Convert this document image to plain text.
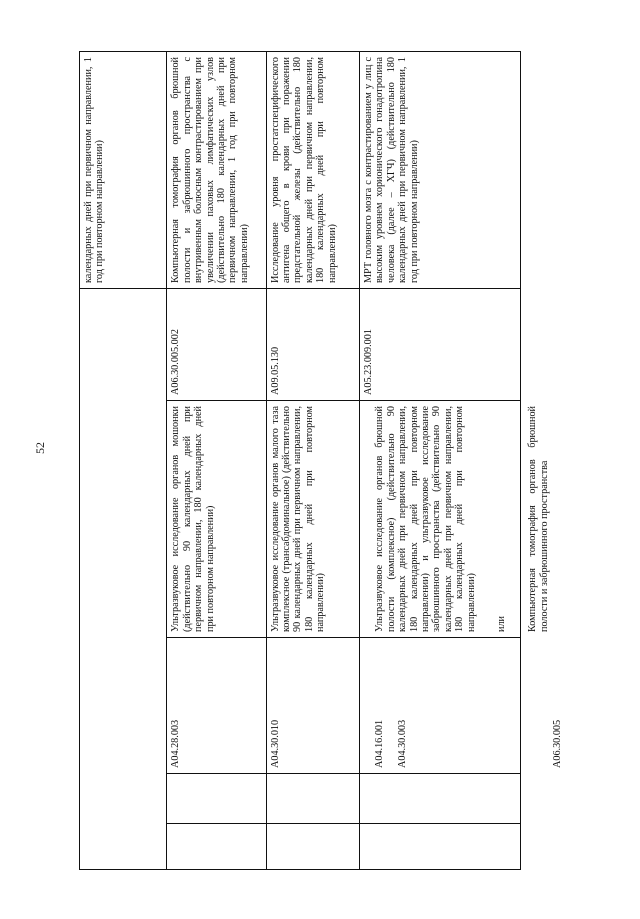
52
календарных дней при первичном направлении, 1 год при повторном направлении)
A04.28.003
Ультразвуковое исследование органов мошонки (действительно 90 календарных дней при первичном направлении, 180 календарных дней при повторном направлении)
A06.30.005.002
Компьютерная томография органов брюшной полости и забрюшинного пространства с внутривенным болюсным контрастированием при увеличении паховых лимфатических узлов (действительно 180 календарных дней при первичном направлении, 1 год при повторном направлении)
A04.30.010
Ультразвуковое исследование органов малого таза комплексное (трансабдоминальное) (действительно 90 календарных дней при первичном направлении, 180 календарных дней при повторном направлении)
A09.05.130
Исследование уровня простатспецифического антигена общего в крови при поражении предстательной железы (действительно 180 календарных дней при первичном направлении, 180 календарных дней при повторном направлении)

A04.16.001 A04.30.003	A06.30.005

Ультразвуковое исследование органов брюшной полости (комплексное) (действительно 90 календарных дней при первичном направлении, 180 календарных дней при повторном направлении) и ультразвуковое исследование забрюшинного пространства (действительно 90 календарных дней при первичном направлении, 180 календарных дней при повторном направлении) или Компьютерная томография органов брюшной полости и забрюшинного пространства

A05.23.009.001
МРТ головного мозга с контрастированием у лиц с высоким уровнем хорионического гонадотропина человека (далее – ХГЧ) (действительно 180 календарных дней при первичном направлении, 1 год при повторном направлении)
